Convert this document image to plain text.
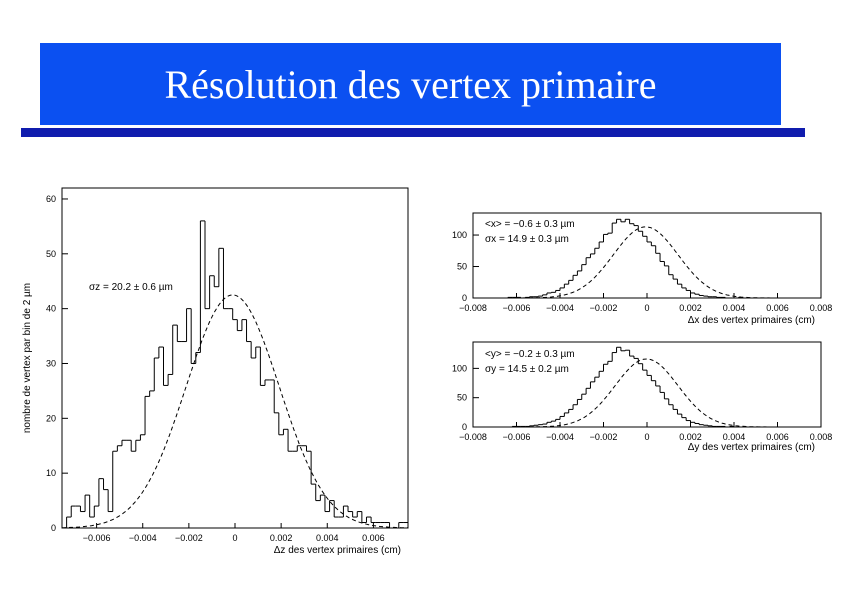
Résolution des vertex primaire
σz = 20.2 ± 0.6 µm
Δz des vertex primaires (cm)
nombre de vertex par bin de 2 µm
−0.006 −0.004 −0.002	0	0.002	0.004	0.006
0
10
20
30
40
50
60
<x> = −0.6 ± 0.3 µm
σx = 14.9 ± 0.3 µm
Δx des vertex primaires (cm)
−0.008 −0.006 −0.004 −0.002	0	0.002 0.004 0.006 0.008
0
50
100
<y> = −0.2 ± 0.3 µm
σy = 14.5 ± 0.2 µm
Δy des vertex primaires (cm)
−0.008 −0.006 −0.004 −0.002	0	0.002 0.004 0.006 0.008
0
50
100
